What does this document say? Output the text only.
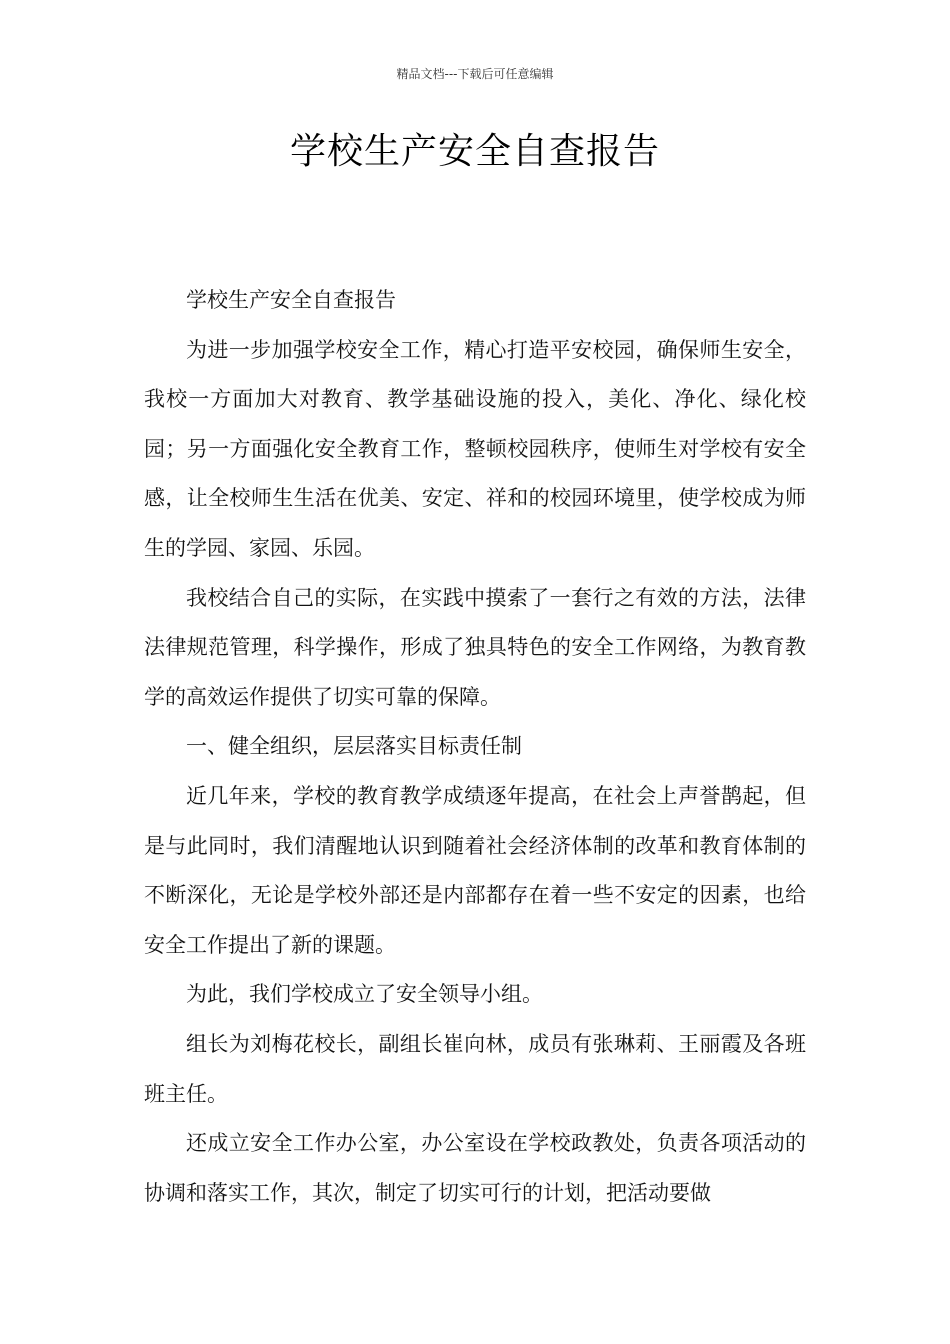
精品文档---下载后可任意编辑
学校生产安全自查报告

学校生产安全自查报告

为进一步加强学校安全工作，精心打造平安校园，确保师生安全，我校一方面加大对教育、教学基础设施的投入，美化、净化、绿化校园；另一方面强化安全教育工作，整顿校园秩序，使师生对学校有安全感，让全校师生生活在优美、安定、祥和的校园环境里，使学校成为师生的学园、家园、乐园。

我校结合自己的实际，在实践中摸索了一套行之有效的方法，法律法律规范管理，科学操作，形成了独具特色的安全工作网络，为教育教学的高效运作提供了切实可靠的保障。

一、健全组织，层层落实目标责任制

近几年来，学校的教育教学成绩逐年提高，在社会上声誉鹊起，但是与此同时，我们清醒地认识到随着社会经济体制的改革和教育体制的不断深化，无论是学校外部还是内部都存在着一些不安定的因素，也给安全工作提出了新的课题。

为此，我们学校成立了安全领导小组。

组长为刘梅花校长，副组长崔向林，成员有张琳莉、王丽霞及各班班主任。

还成立安全工作办公室，办公室设在学校政教处，负责各项活动的协调和落实工作，其次，制定了切实可行的计划，把活动要做
